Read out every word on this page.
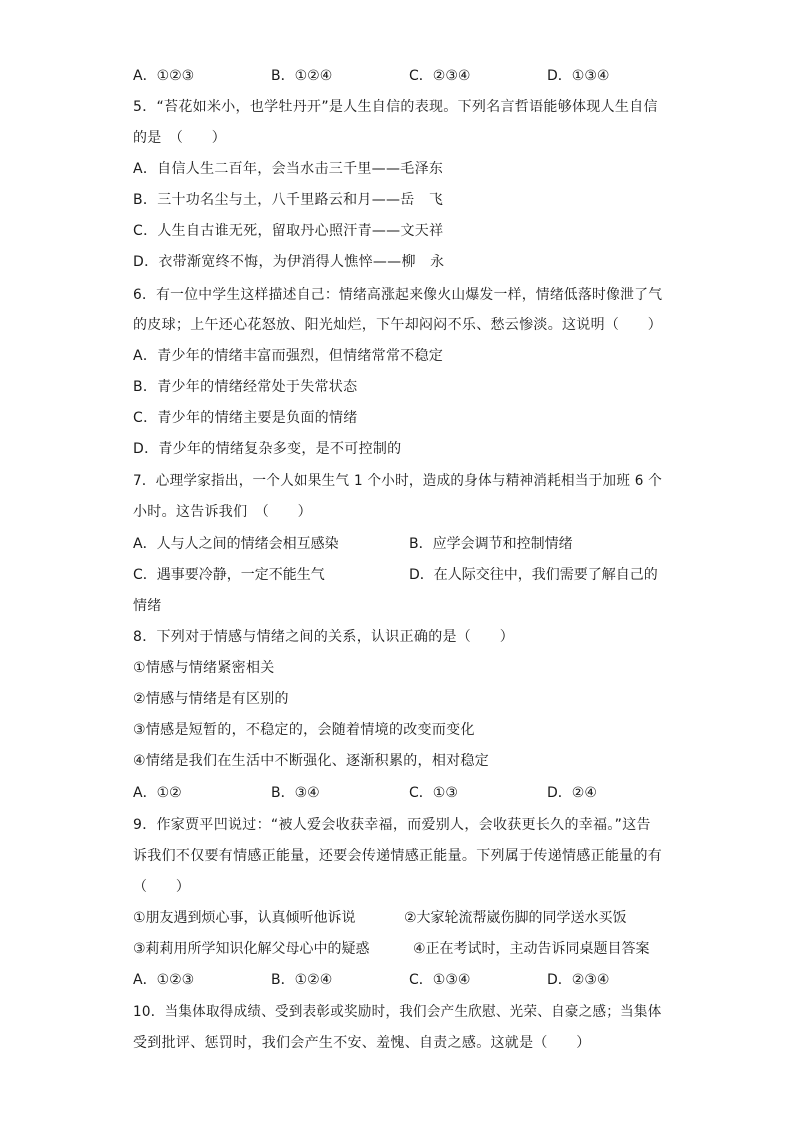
A．①②③	B．①②④	C．②③④	D．①③④
5．“苔花如米小，也学牡丹开”是人生自信的表现。下列名言哲语能够体现人生自信
的是　（　　）
A．自信人生二百年，会当水击三千里——毛泽东
B．三十功名尘与土，八千里路云和月——岳　飞
C．人生自古谁无死，留取丹心照汗青——文天祥
D．衣带渐宽终不悔，为伊消得人憔悴——柳　永
6．有一位中学生这样描述自己：情绪高涨起来像火山爆发一样，情绪低落时像泄了气
的皮球；上午还心花怒放、阳光灿烂，下午却闷闷不乐、愁云惨淡。这说明（　　）
A．青少年的情绪丰富而强烈，但情绪常常不稳定
B．青少年的情绪经常处于失常状态
C．青少年的情绪主要是负面的情绪
D．青少年的情绪复杂多变，是不可控制的
7．心理学家指出，一个人如果生气 1 个小时，造成的身体与精神消耗相当于加班 6 个
小时。这告诉我们　（　　）
A．人与人之间的情绪会相互感染	B．应学会调节和控制情绪
C．遇事要冷静，一定不能生气	D．在人际交往中，我们需要了解自己的
情绪
8．下列对于情感与情绪之间的关系，认识正确的是（　　）
①情感与情绪紧密相关
②情感与情绪是有区别的
③情感是短暂的，不稳定的，会随着情境的改变而变化
④情绪是我们在生活中不断强化、逐渐积累的，相对稳定
A．①②	B．③④	C．①③	D．②④
9．作家贾平凹说过：“被人爱会收获幸福，而爱别人，会收获更长久的幸福。”这告
诉我们不仅要有情感正能量，还要会传递情感正能量。下列属于传递情感正能量的有
（　　）
①朋友遇到烦心事，认真倾听他诉说	②大家轮流帮崴伤脚的同学送水买饭
③莉莉用所学知识化解父母心中的疑惑	④正在考试时，主动告诉同桌题目答案
A．①②③	B．①②④	C．①③④	D．②③④
10．当集体取得成绩、受到表彰或奖励时，我们会产生欣慰、光荣、自豪之感；当集体
受到批评、惩罚时，我们会产生不安、羞愧、自责之感。这就是（　　）
